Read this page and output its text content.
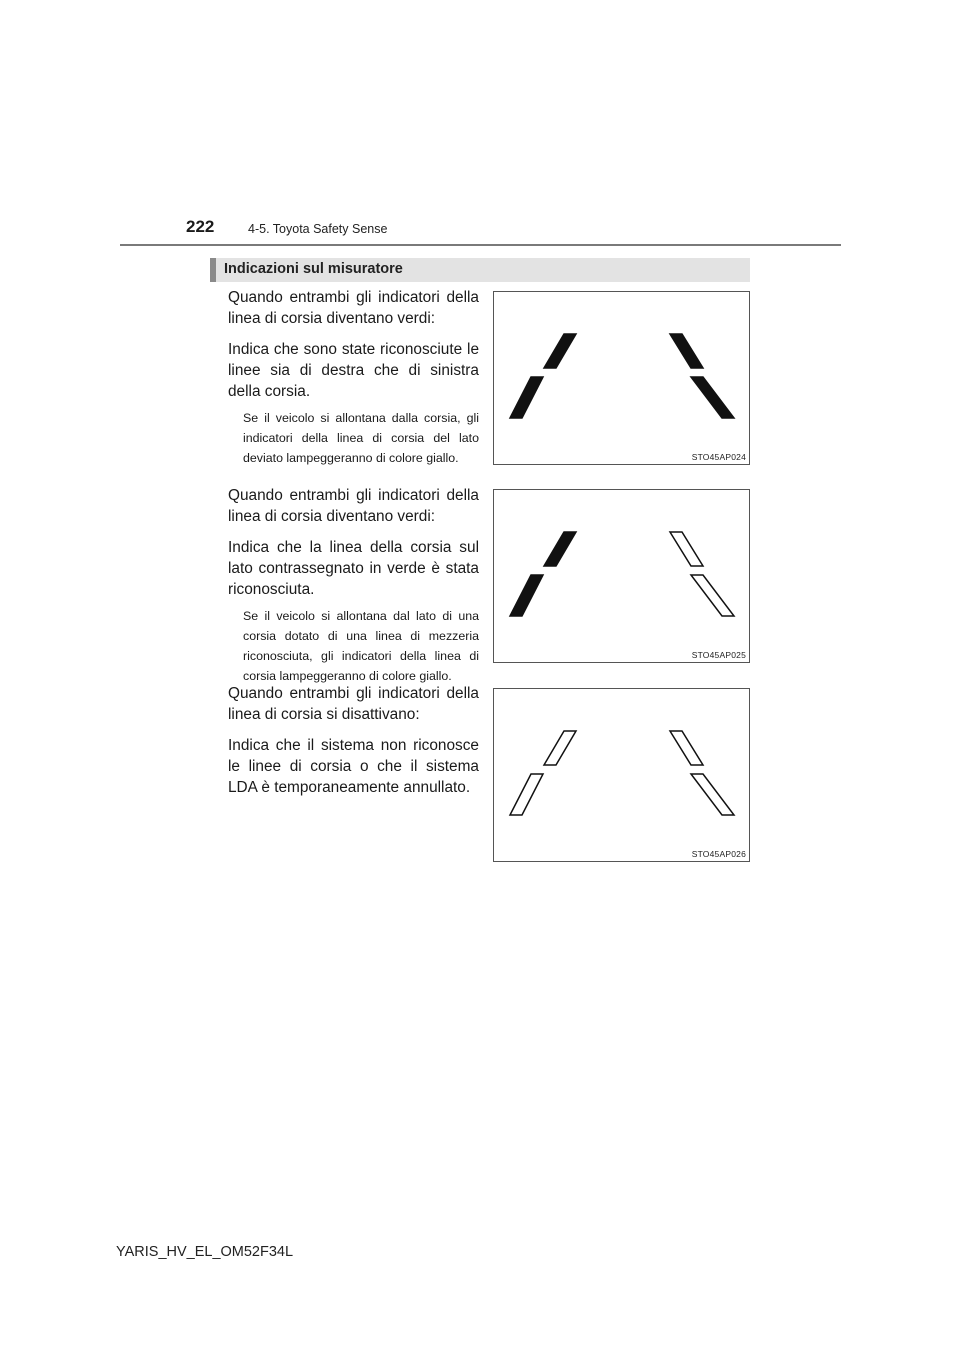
222	4-5. Toyota Safety Sense
Indicazioni sul misuratore
Quando entrambi gli indicatori della
linea di corsia diventano verdi:
Indica che sono state riconosciute le linee sia di destra che di sinistra della corsia.
Se il veicolo si allontana dalla corsia, gli indicatori della linea di corsia del lato deviato lampeggeranno di colore giallo.	STO45AP024
Quando entrambi gli indicatori della
linea di corsia diventano verdi:
Indica che la linea della corsia sul lato contrassegnato in verde è stata riconosciuta.
Se il veicolo si allontana dal lato di una corsia dotato di una linea di mezzeria riconosciuta, gli indicatori della linea di corsia lampeggeranno di colore giallo.
STO45AP025
Quando entrambi gli indicatori della
linea di corsia si disattivano:
Indica che il sistema non riconosce le linee di corsia o che il sistema LDA è temporaneamente annullato.
STO45AP026
YARIS_HV_EL_OM52F34L
